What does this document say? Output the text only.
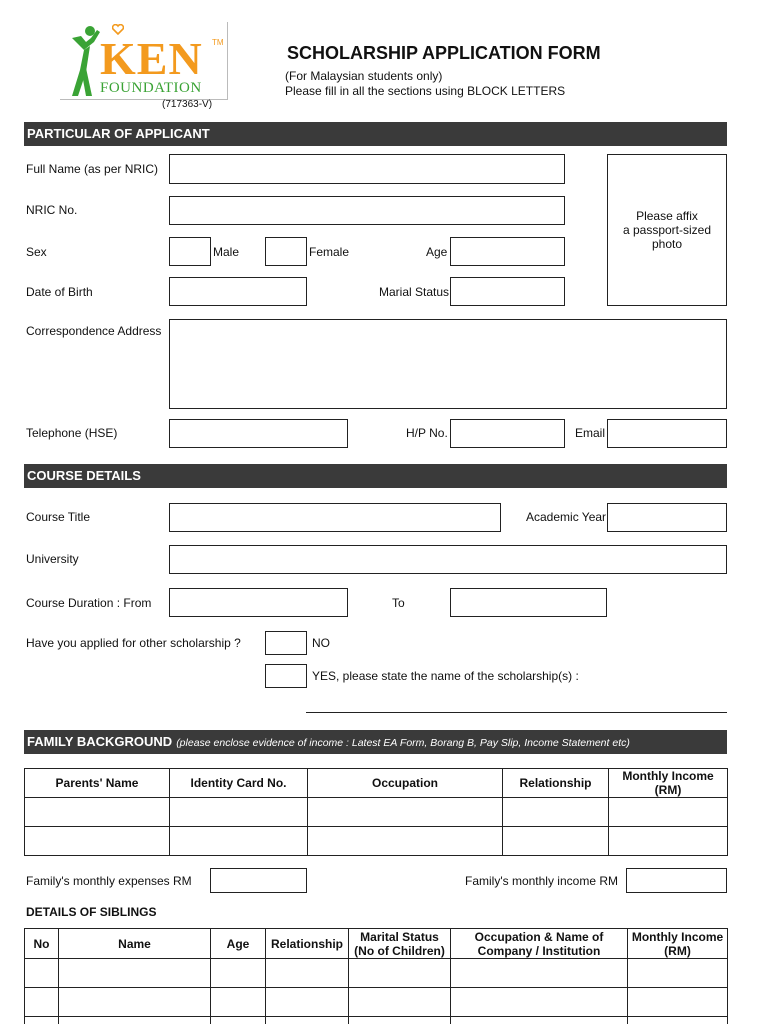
KEN TM
FOUNDATION
(717363-V)
SCHOLARSHIP APPLICATION FORM
(For Malaysian students only)
Please fill in all the sections using BLOCK LETTERS
PARTICULAR OF APPLICANT
Full Name (as per NRIC)
NRIC No.	Please affix
a passport-sized
photo
Sex	Male	Female	Age
Date of Birth	Marial Status
Correspondence Address
Telephone (HSE)	H/P No.	Email
COURSE DETAILS
Course Title	Academic Year
University
Course Duration : From	To
Have you applied for other scholarship ?	NO
YES, please state the name of the scholarship(s) :
FAMILY BACKGROUND (please enclose evidence of income : Latest EA Form, Borang B, Pay Slip, Income Statement etc)
Parents' Name	Identity Card No.	Occupation	Relationship	Monthly Income (RM)

Family's monthly expenses RM	Family's monthly income RM
DETAILS OF SIBLINGS
No	Name	Age	Relationship	Marital Status (No of Children)	Occupation & Name of Company / Institution	Monthly Income (RM)
